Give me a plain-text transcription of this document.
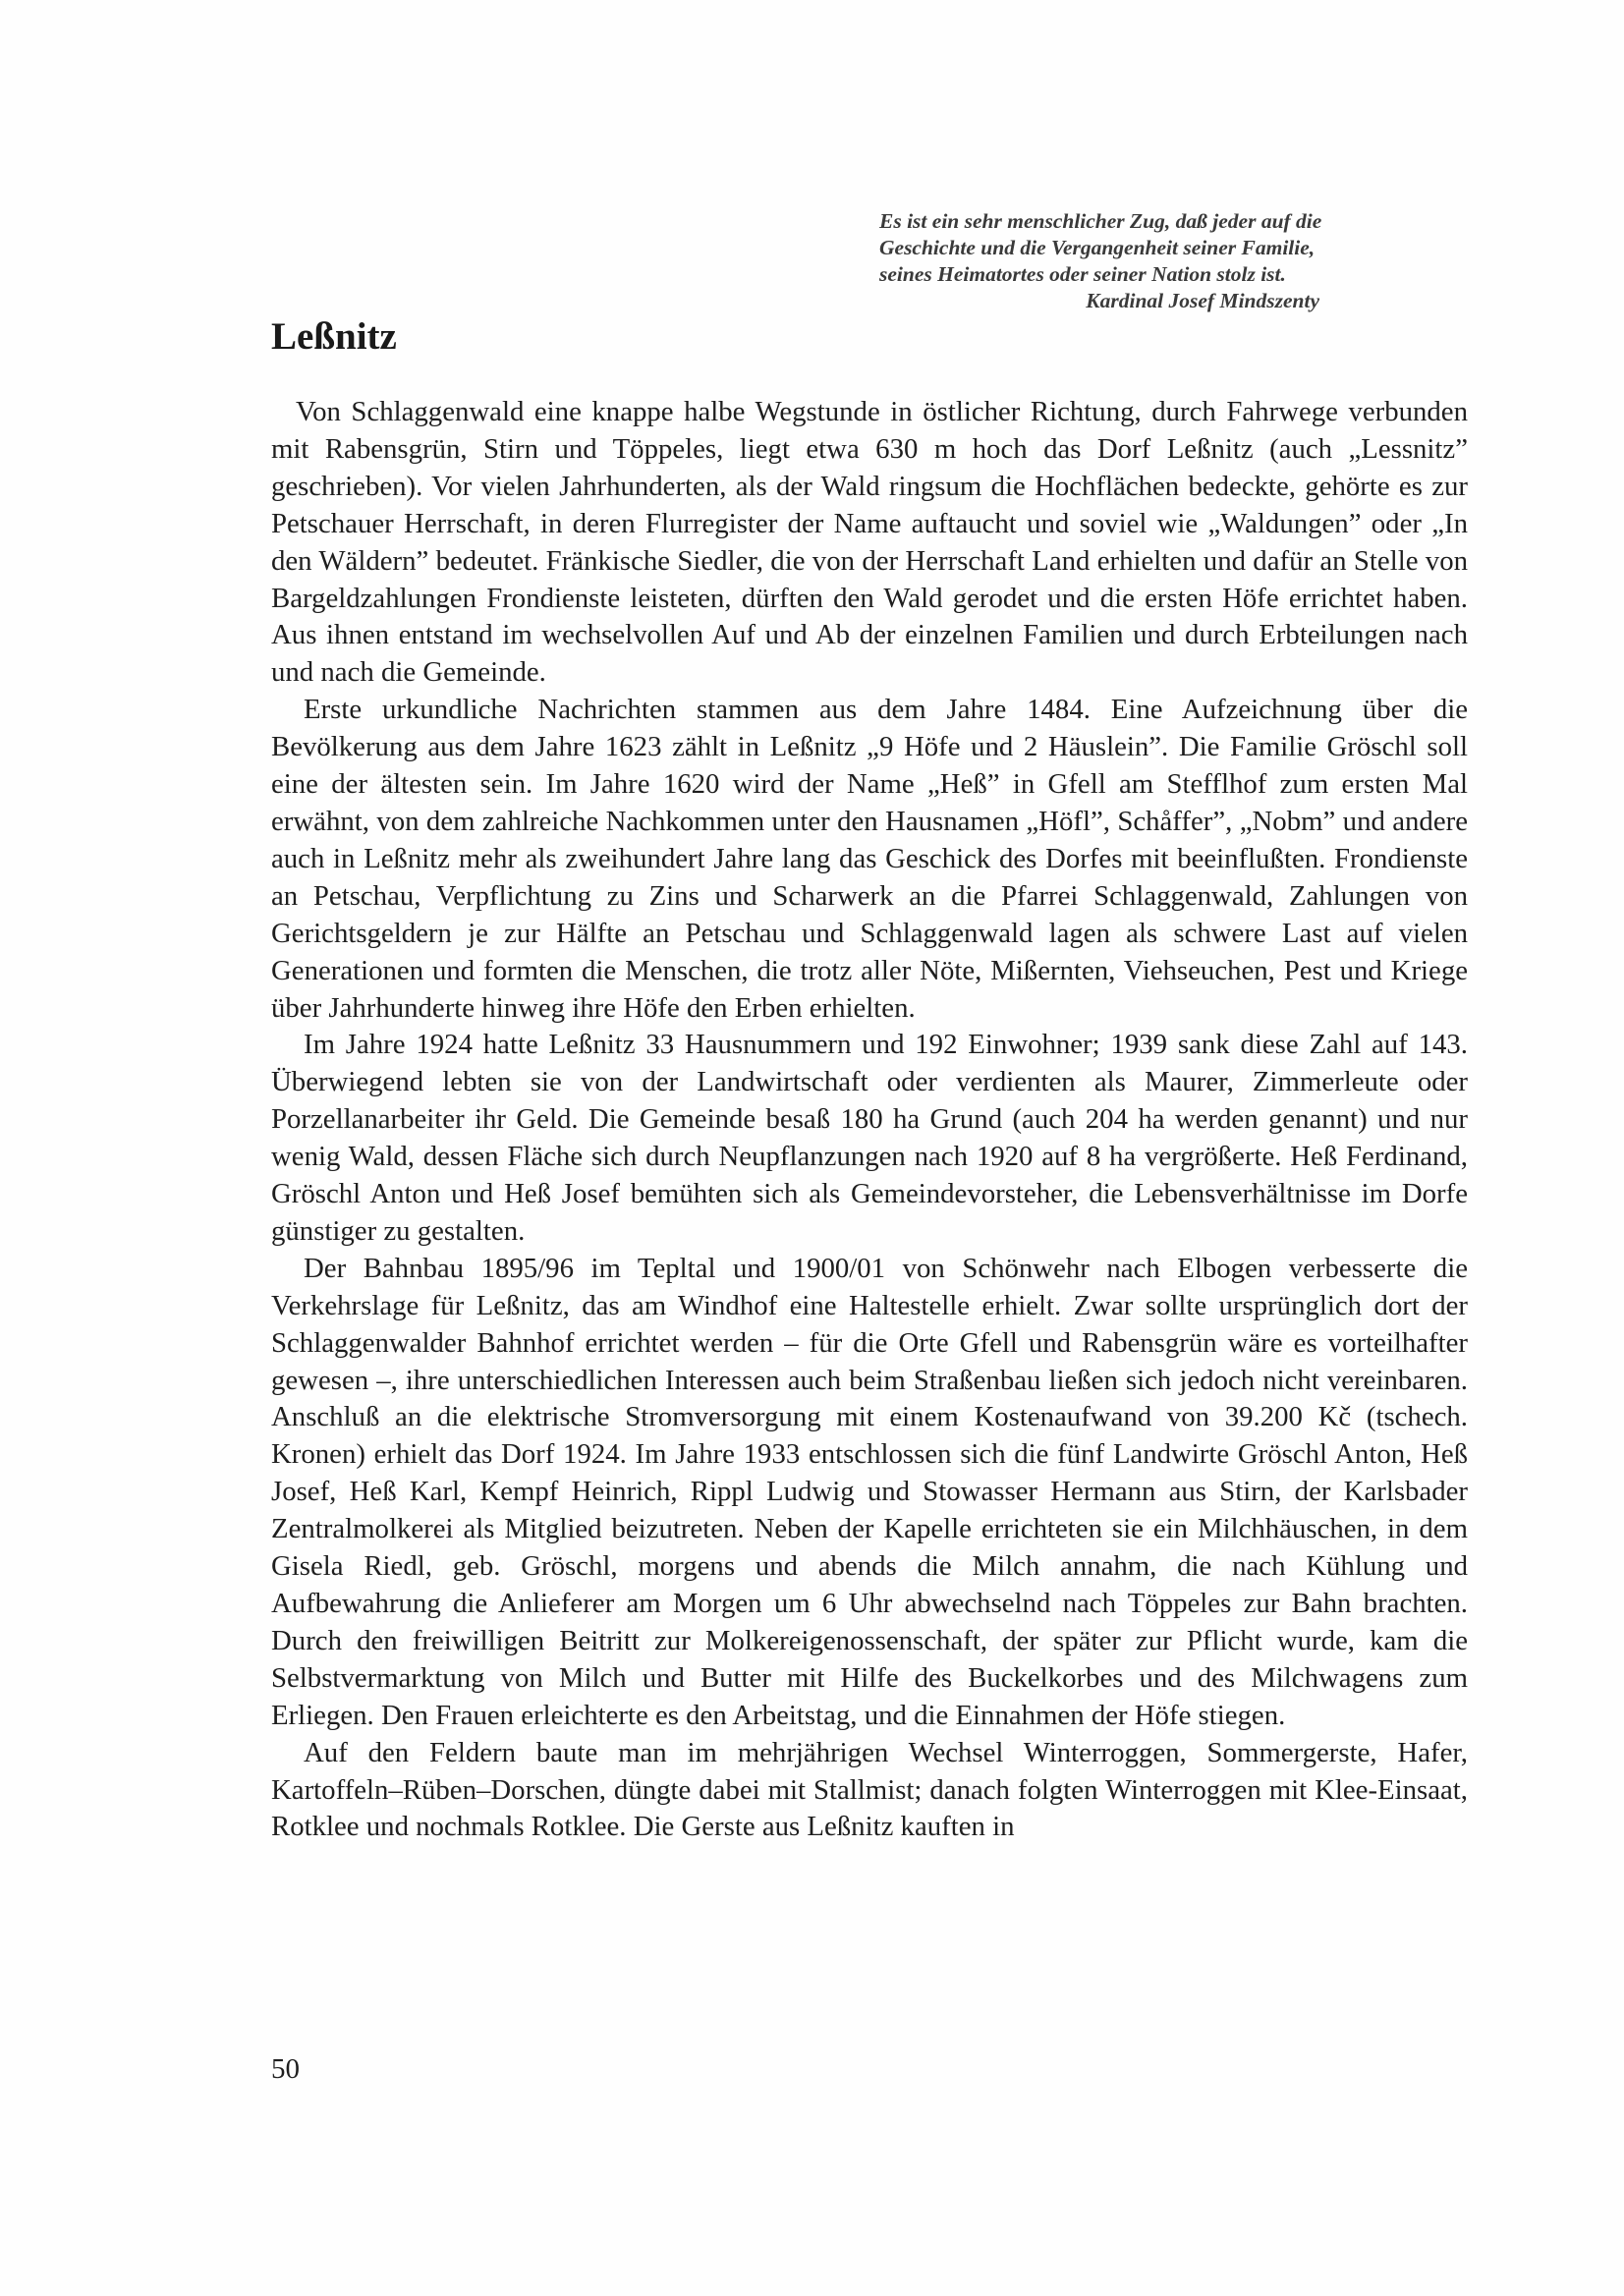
Es ist ein sehr menschlicher Zug, daß jeder auf die
Geschichte und die Vergangenheit seiner Familie,
seines Heimatortes oder seiner Nation stolz ist.
Kardinal Josef Mindszenty
Leßnitz

Von Schlaggenwald eine knappe halbe Wegstunde in östlicher Richtung, durch Fahrwege verbunden mit Rabensgrün, Stirn und Töppeles, liegt etwa 630 m hoch das Dorf Leßnitz (auch „Lessnitz” geschrieben). Vor vielen Jahrhunderten, als der Wald ringsum die Hochflächen bedeckte, gehörte es zur Petschauer Herrschaft, in deren Flurregister der Name auftaucht und soviel wie „Waldungen” oder „In den Wäldern” bedeutet. Fränkische Siedler, die von der Herrschaft Land erhielten und dafür an Stelle von Bargeldzahlungen Frondienste leisteten, dürften den Wald gerodet und die ersten Höfe errichtet haben. Aus ihnen entstand im wechselvollen Auf und Ab der einzelnen Familien und durch Erbteilungen nach und nach die Gemeinde.

Erste urkundliche Nachrichten stammen aus dem Jahre 1484. Eine Aufzeichnung über die Bevölkerung aus dem Jahre 1623 zählt in Leßnitz „9 Höfe und 2 Häuslein”. Die Familie Gröschl soll eine der ältesten sein. Im Jahre 1620 wird der Name „Heß” in Gfell am Stefflhof zum ersten Mal erwähnt, von dem zahlreiche Nachkommen unter den Hausnamen „Höfl”, Schåffer”, „Nobm” und andere auch in Leßnitz mehr als zweihundert Jahre lang das Geschick des Dorfes mit beeinflußten. Frondienste an Petschau, Verpflichtung zu Zins und Scharwerk an die Pfarrei Schlaggenwald, Zahlungen von Gerichtsgeldern je zur Hälfte an Petschau und Schlaggenwald lagen als schwere Last auf vielen Generationen und formten die Menschen, die trotz aller Nöte, Mißernten, Viehseuchen, Pest und Kriege über Jahrhunderte hinweg ihre Höfe den Erben erhielten.

Im Jahre 1924 hatte Leßnitz 33 Hausnummern und 192 Einwohner; 1939 sank diese Zahl auf 143. Überwiegend lebten sie von der Landwirtschaft oder verdienten als Maurer, Zimmerleute oder Porzellanarbeiter ihr Geld. Die Gemeinde besaß 180 ha Grund (auch 204 ha werden genannt) und nur wenig Wald, dessen Fläche sich durch Neupflanzungen nach 1920 auf 8 ha vergrößerte. Heß Ferdinand, Gröschl Anton und Heß Josef bemühten sich als Gemeindevorsteher, die Lebensverhältnisse im Dorfe günstiger zu gestalten.

Der Bahnbau 1895/96 im Tepltal und 1900/01 von Schönwehr nach Elbogen verbesserte die Verkehrslage für Leßnitz, das am Windhof eine Haltestelle erhielt. Zwar sollte ursprünglich dort der Schlaggenwalder Bahnhof errichtet werden – für die Orte Gfell und Rabensgrün wäre es vorteilhafter gewesen –, ihre unterschiedlichen Interessen auch beim Straßenbau ließen sich jedoch nicht vereinbaren. Anschluß an die elektrische Stromversorgung mit einem Kostenaufwand von 39.200 Kč (tschech. Kronen) erhielt das Dorf 1924. Im Jahre 1933 entschlossen sich die fünf Landwirte Gröschl Anton, Heß Josef, Heß Karl, Kempf Heinrich, Rippl Ludwig und Stowasser Hermann aus Stirn, der Karlsbader Zentralmolkerei als Mitglied beizutreten. Neben der Kapelle errichteten sie ein Milchhäuschen, in dem Gisela Riedl, geb. Gröschl, morgens und abends die Milch annahm, die nach Kühlung und Aufbewahrung die Anlieferer am Morgen um 6 Uhr abwechselnd nach Töppeles zur Bahn brachten. Durch den freiwilligen Beitritt zur Molkereigenossenschaft, der später zur Pflicht wurde, kam die Selbstvermarktung von Milch und Butter mit Hilfe des Buckelkorbes und des Milchwagens zum Erliegen. Den Frauen erleichterte es den Arbeitstag, und die Einnahmen der Höfe stiegen.

Auf den Feldern baute man im mehrjährigen Wechsel Winterroggen, Sommergerste, Hafer, Kartoffeln–Rüben–Dorschen, düngte dabei mit Stallmist; danach folgten Winterroggen mit Klee-Einsaat, Rotklee und nochmals Rotklee. Die Gerste aus Leßnitz kauften in

50
